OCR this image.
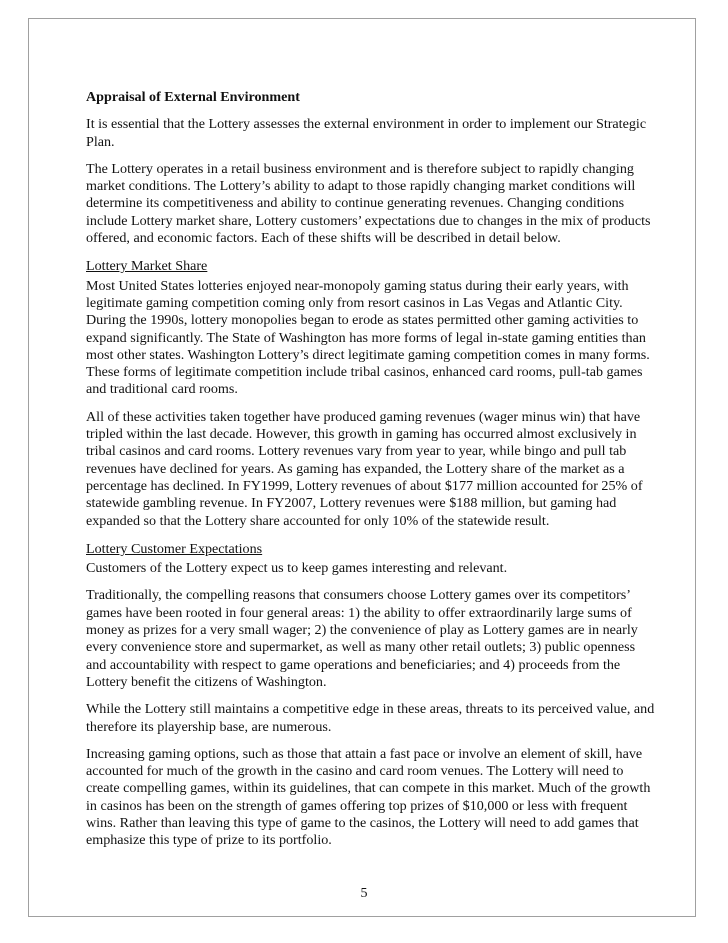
Appraisal of External Environment

It is essential that the Lottery assesses the external environment in order to implement our Strategic Plan.

The Lottery operates in a retail business environment and is therefore subject to rapidly changing market conditions. The Lottery’s ability to adapt to those rapidly changing market conditions will determine its competitiveness and ability to continue generating revenues. Changing conditions include Lottery market share, Lottery customers’ expectations due to changes in the mix of products offered, and economic factors. Each of these shifts will be described in detail below.

Lottery Market Share

Most United States lotteries enjoyed near-monopoly gaming status during their early years, with legitimate gaming competition coming only from resort casinos in Las Vegas and Atlantic City. During the 1990s, lottery monopolies began to erode as states permitted other gaming activities to expand significantly. The State of Washington has more forms of legal in-state gaming entities than most other states. Washington Lottery’s direct legitimate gaming competition comes in many forms. These forms of legitimate competition include tribal casinos, enhanced card rooms, pull-tab games and traditional card rooms.

All of these activities taken together have produced gaming revenues (wager minus win) that have tripled within the last decade. However, this growth in gaming has occurred almost exclusively in tribal casinos and card rooms. Lottery revenues vary from year to year, while bingo and pull tab revenues have declined for years. As gaming has expanded, the Lottery share of the market as a percentage has declined. In FY1999, Lottery revenues of about $177 million accounted for 25% of statewide gambling revenue. In FY2007, Lottery revenues were $188 million, but gaming had expanded so that the Lottery share accounted for only 10% of the statewide result.

Lottery Customer Expectations

Customers of the Lottery expect us to keep games interesting and relevant.

Traditionally, the compelling reasons that consumers choose Lottery games over its competitors’ games have been rooted in four general areas: 1) the ability to offer extraordinarily large sums of money as prizes for a very small wager; 2) the convenience of play as Lottery games are in nearly every convenience store and supermarket, as well as many other retail outlets; 3) public openness and accountability with respect to game operations and beneficiaries; and 4) proceeds from the Lottery benefit the citizens of Washington.

While the Lottery still maintains a competitive edge in these areas, threats to its perceived value, and therefore its playership base, are numerous.

Increasing gaming options, such as those that attain a fast pace or involve an element of skill, have accounted for much of the growth in the casino and card room venues. The Lottery will need to create compelling games, within its guidelines, that can compete in this market. Much of the growth in casinos has been on the strength of games offering top prizes of $10,000 or less with frequent wins. Rather than leaving this type of game to the casinos, the Lottery will need to add games that emphasize this type of prize to its portfolio.

5
